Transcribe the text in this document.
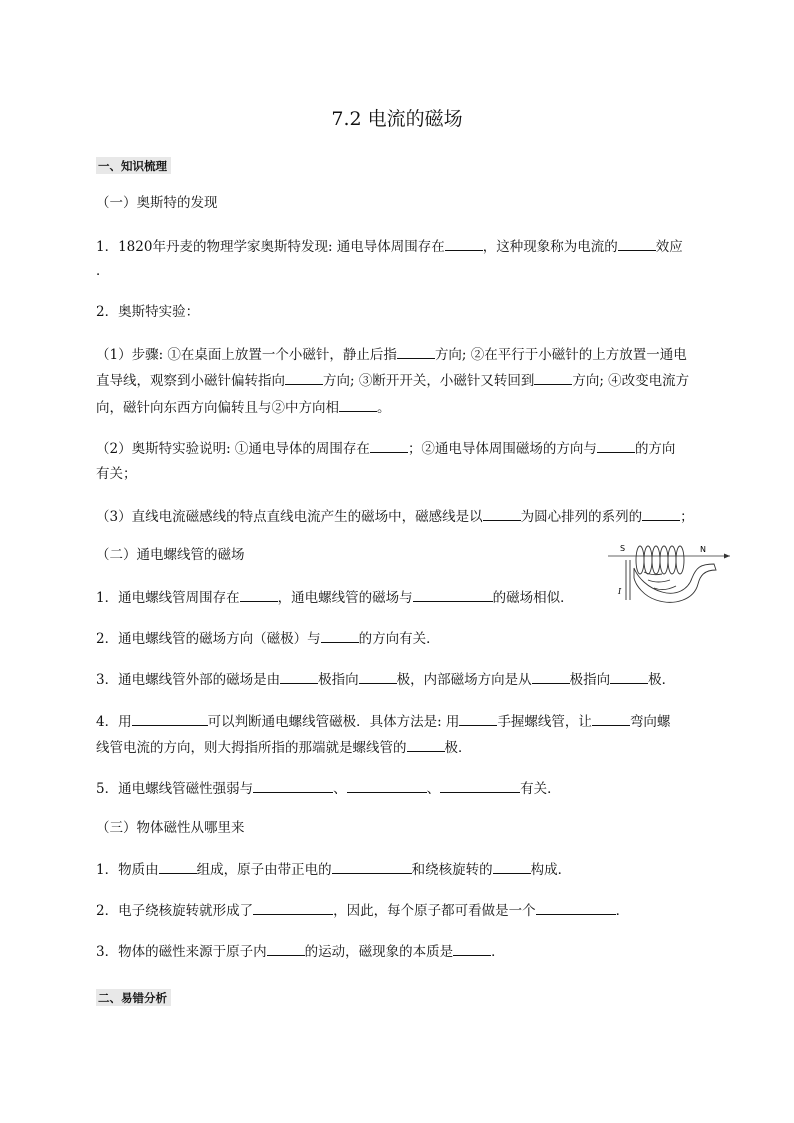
7.2 电流的磁场
一、知识梳理
（一）奥斯特的发现
1．1820年丹麦的物理学家奥斯特发现: 通电导体周围存在	，这种现象称为电流的	效应
．
2．奥斯特实验：
（1）步骤: ①在桌面上放置一个小磁针，静止后指	方向; ②在平行于小磁针的上方放置一通电
直导线，观察到小磁针偏转指向	方向; ③断开开关，小磁针又转回到	方向; ④改变电流方
向，磁针向东西方向偏转且与②中方向相	。
（2）奥斯特实验说明: ①通电导体的周围存在	；②通电导体周围磁场的方向与	的方向
有关；
（3）直线电流磁感线的特点直线电流产生的磁场中，磁感线是以	为圆心排列的系列的	；
（二）通电螺线管的磁场	S	N
I
1．通电螺线管周围存在	，通电螺线管的磁场与	的磁场相似．
2．通电螺线管的磁场方向（磁极）与	的方向有关．
3．通电螺线管外部的磁场是由	极指向	极，内部磁场方向是从	极指向	极．
4．用	可以判断通电螺线管磁极．具体方法是: 用	手握螺线管，让	弯向螺
线管电流的方向，则大拇指所指的那端就是螺线管的	极．
5．通电螺线管磁性强弱与	、	、	有关．
（三）物体磁性从哪里来
1．物质由	组成，原子由带正电的	和绕核旋转的	构成．
2．电子绕核旋转就形成了	，因此，每个原子都可看做是一个	．
3．物体的磁性来源于原子内	的运动，磁现象的本质是	．
二、易错分析
